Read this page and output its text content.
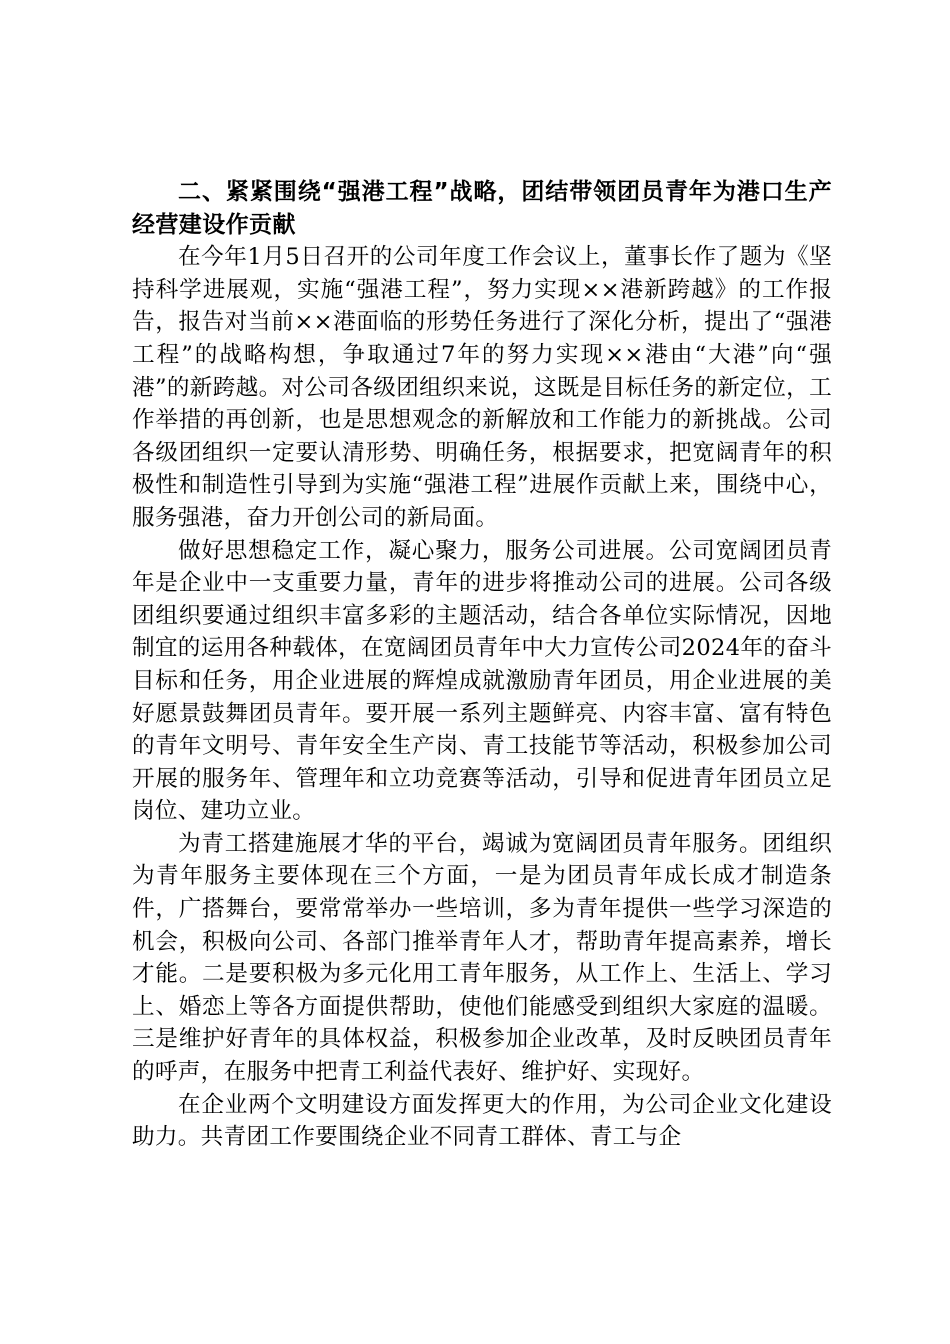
二、紧紧围绕“强港工程”战略，团结带领团员青年为港口生产经营建设作贡献

在今年1月5日召开的公司年度工作会议上，董事长作了题为《坚持科学进展观，实施“强港工程”，努力实现××港新跨越》的工作报告，报告对当前××港面临的形势任务进行了深化分析，提出了“强港工程”的战略构想，争取通过7年的努力实现××港由“大港”向“强港”的新跨越。对公司各级团组织来说，这既是目标任务的新定位，工作举措的再创新，也是思想观念的新解放和工作能力的新挑战。公司各级团组织一定要认清形势、明确任务，根据要求，把宽阔青年的积极性和制造性引导到为实施“强港工程”进展作贡献上来，围绕中心，服务强港，奋力开创公司的新局面。

做好思想稳定工作，凝心聚力，服务公司进展。公司宽阔团员青年是企业中一支重要力量，青年的进步将推动公司的进展。公司各级团组织要通过组织丰富多彩的主题活动，结合各单位实际情况，因地制宜的运用各种载体，在宽阔团员青年中大力宣传公司2024年的奋斗目标和任务，用企业进展的辉煌成就激励青年团员，用企业进展的美好愿景鼓舞团员青年。要开展一系列主题鲜亮、内容丰富、富有特色的青年文明号、青年安全生产岗、青工技能节等活动，积极参加公司开展的服务年、管理年和立功竞赛等活动，引导和促进青年团员立足岗位、建功立业。

为青工搭建施展才华的平台，竭诚为宽阔团员青年服务。团组织为青年服务主要体现在三个方面，一是为团员青年成长成才制造条件，广搭舞台，要常常举办一些培训，多为青年提供一些学习深造的机会，积极向公司、各部门推举青年人才，帮助青年提高素养，增长才能。二是要积极为多元化用工青年服务，从工作上、生活上、学习上、婚恋上等各方面提供帮助，使他们能感受到组织大家庭的温暖。三是维护好青年的具体权益，积极参加企业改革，及时反映团员青年的呼声，在服务中把青工利益代表好、维护好、实现好。

在企业两个文明建设方面发挥更大的作用，为公司企业文化建设助力。共青团工作要围绕企业不同青工群体、青工与企
